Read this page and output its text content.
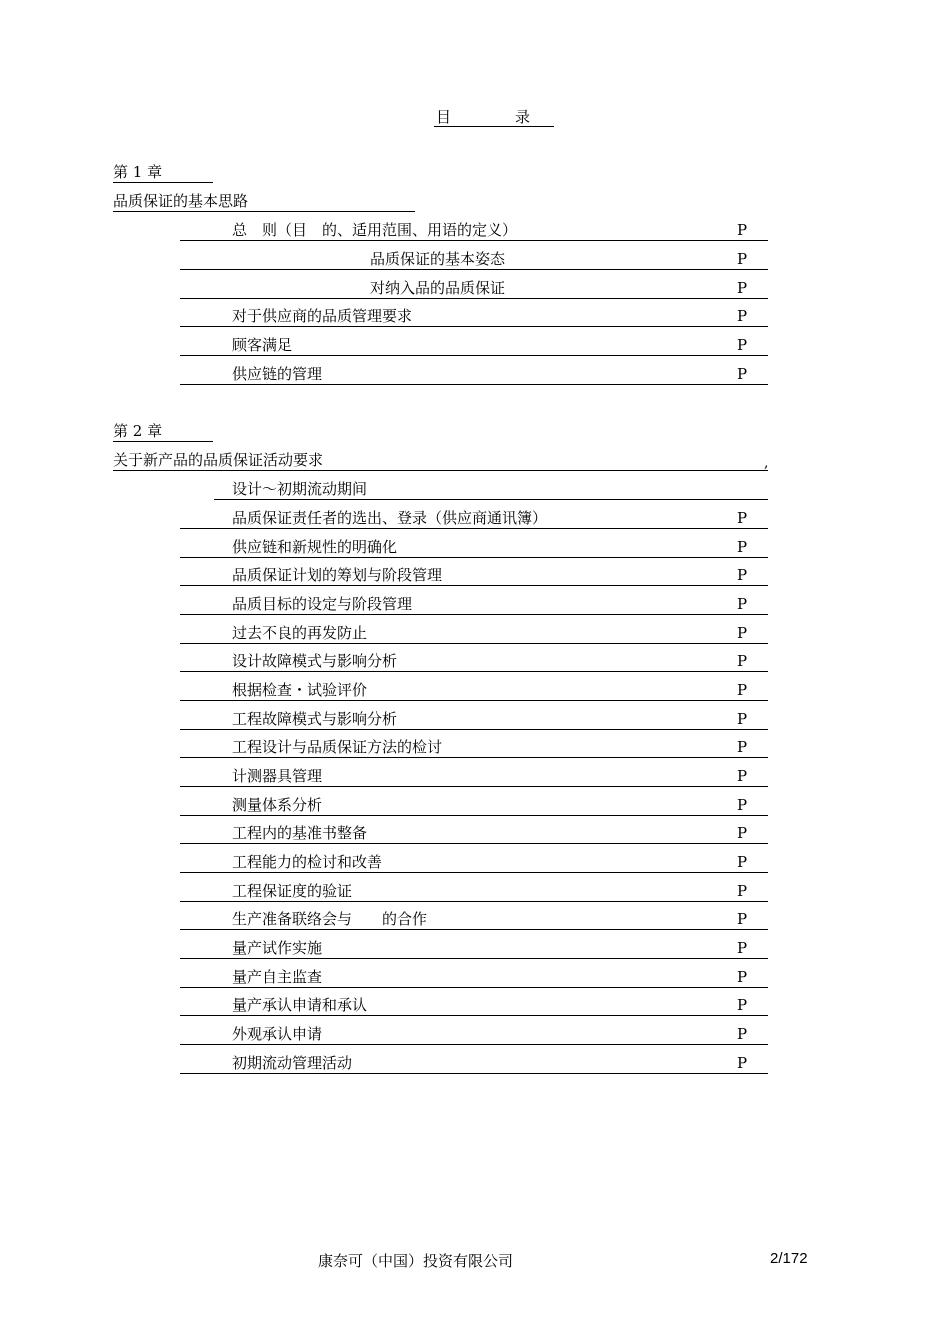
目	录
第 1 章
品质保证的基本思路
总　则（目　的、适用范围、用语的定义）	P
品质保证的基本姿态	P
对纳入品的品质保证	P
对于供应商的品质管理要求	P
顾客满足	P
供应链的管理	P
第 2 章
关于新产品的品质保证活动要求	,
设计～初期流动期间
品质保证责任者的选出、登录（供应商通讯簿）	P
供应链和新规性的明确化	P
品质保证计划的筹划与阶段管理	P
品质目标的设定与阶段管理	P
过去不良的再发防止	P
设计故障模式与影响分析	P
根据检查・试验评价	P
工程故障模式与影响分析	P
工程设计与品质保证方法的检讨	P
计测器具管理	P
测量体系分析	P
工程内的基准书整备	P
工程能力的检讨和改善	P
工程保证度的验证	P
生产准备联络会与　　的合作	P
量产试作实施	P
量产自主监查	P
量产承认申请和承认	P
外观承认申请	P
初期流动管理活动	P
康奈可（中国）投资有限公司	2/172
